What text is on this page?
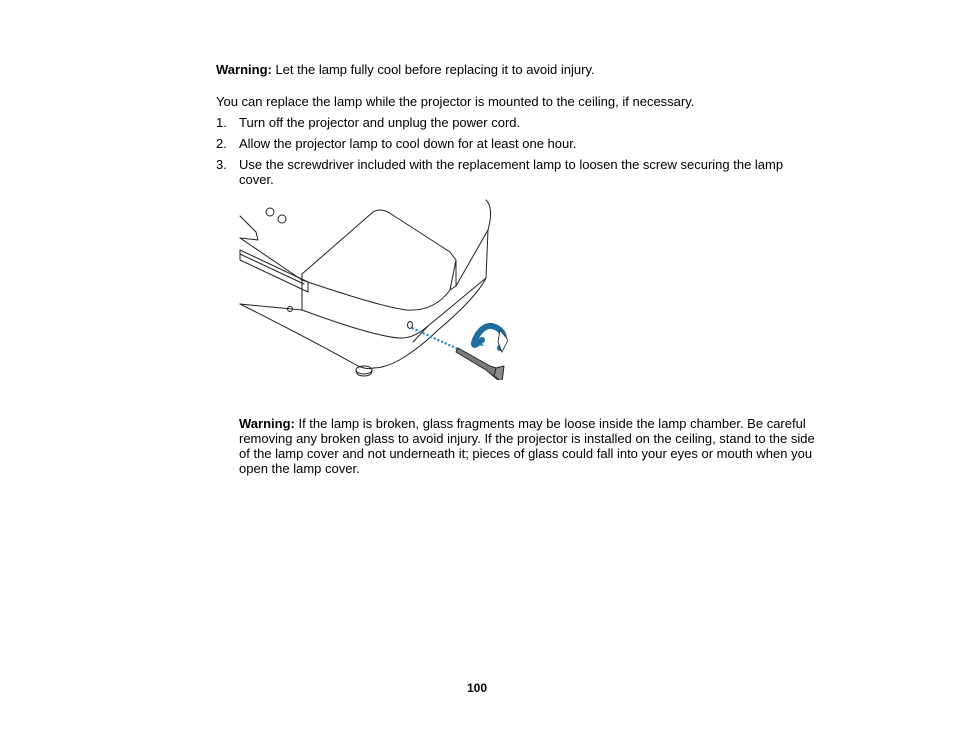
Warning: Let the lamp fully cool before replacing it to avoid injury.

You can replace the lamp while the projector is mounted to the ceiling, if necessary.

1. Turn off the projector and unplug the power cord.
2. Allow the projector lamp to cool down for at least one hour.
3. Use the screwdriver included with the replacement lamp to loosen the screw securing the lamp cover.

Warning: If the lamp is broken, glass fragments may be loose inside the lamp chamber. Be careful removing any broken glass to avoid injury. If the projector is installed on the ceiling, stand to the side of the lamp cover and not underneath it; pieces of glass could fall into your eyes or mouth when you open the lamp cover.

100
